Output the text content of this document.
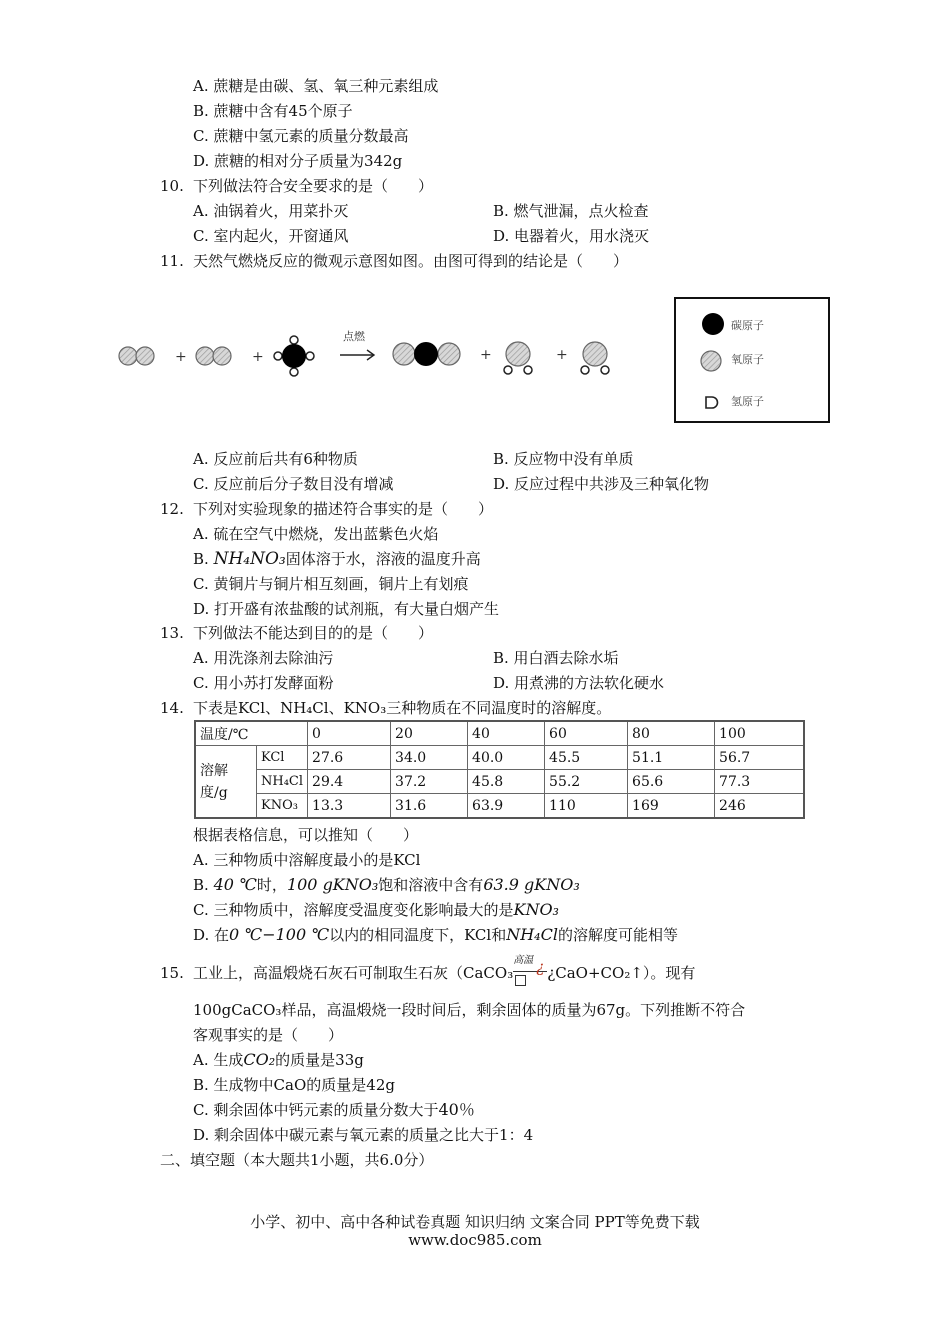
A. 蔗糖是由碳、氢、氧三种元素组成
B. 蔗糖中含有45个原子
C. 蔗糖中氢元素的质量分数最高
D. 蔗糖的相对分子质量为342g
10. 下列做法符合安全要求的是（　　）
A. 油锅着火，用菜扑灭	B. 燃气泄漏，点火检查
C. 室内起火，开窗通风	D. 电器着火，用水浇灭
11. 天然气燃烧反应的微观示意图如图。由图可得到的结论是（　　）
+	+
点燃
+	+
碳原子
氧原子
氢原子
A. 反应前后共有6种物质	B. 反应物中没有单质
C. 反应前后分子数目没有增减	D. 反应过程中共涉及三种氧化物
12. 下列对实验现象的描述符合事实的是（　　）
A. 硫在空气中燃烧，发出蓝紫色火焰
B. NH₄NO₃固体溶于水，溶液的温度升高
C. 黄铜片与铜片相互刻画，铜片上有划痕
D. 打开盛有浓盐酸的试剂瓶，有大量白烟产生
13. 下列做法不能达到目的的是（　　）
A. 用洗涤剂去除油污	B. 用白酒去除水垢
C. 用小苏打发酵面粉	D. 用煮沸的方法软化硬水
14. 下表是KCl、NH₄Cl、KNO₃三种物质在不同温度时的溶解度。
温度/℃		0	20	40	60	80	100
溶解
度/g	KCl	27.6	34.0	40.0	45.5	51.1	56.7
	NH₄Cl	29.4	37.2	45.8	55.2	65.6	77.3
	KNO₃	13.3	31.6	63.9	110	169	246
根据表格信息，可以推知（　　）
A. 三种物质中溶解度最小的是KCl
B. 40 ℃时，100 gKNO₃饱和溶液中含有63.9 gKNO₃
C. 三种物质中，溶解度受温度变化影响最大的是KNO₃
D. 在0 ℃−100 ℃以内的相同温度下，KCl和NH₄Cl的溶解度可能相等
15. 工业上，高温煅烧石灰石可制取生石灰（CaCO₃
高温 ¿ ¿CaO+CO₂↑）。现有
100gCaCO₃样品，高温煅烧一段时间后，剩余固体的质量为67g。下列推断不符合
客观事实的是（　　）
A. 生成CO₂的质量是33g
B. 生成物中CaO的质量是42g
C. 剩余固体中钙元素的质量分数大于40％
D. 剩余固体中碳元素与氧元素的质量之比大于1：4
二、填空题（本大题共1小题，共6.0分）
小学、初中、高中各种试卷真题 知识归纳 文案合同 PPT等免费下载
www.doc985.com
